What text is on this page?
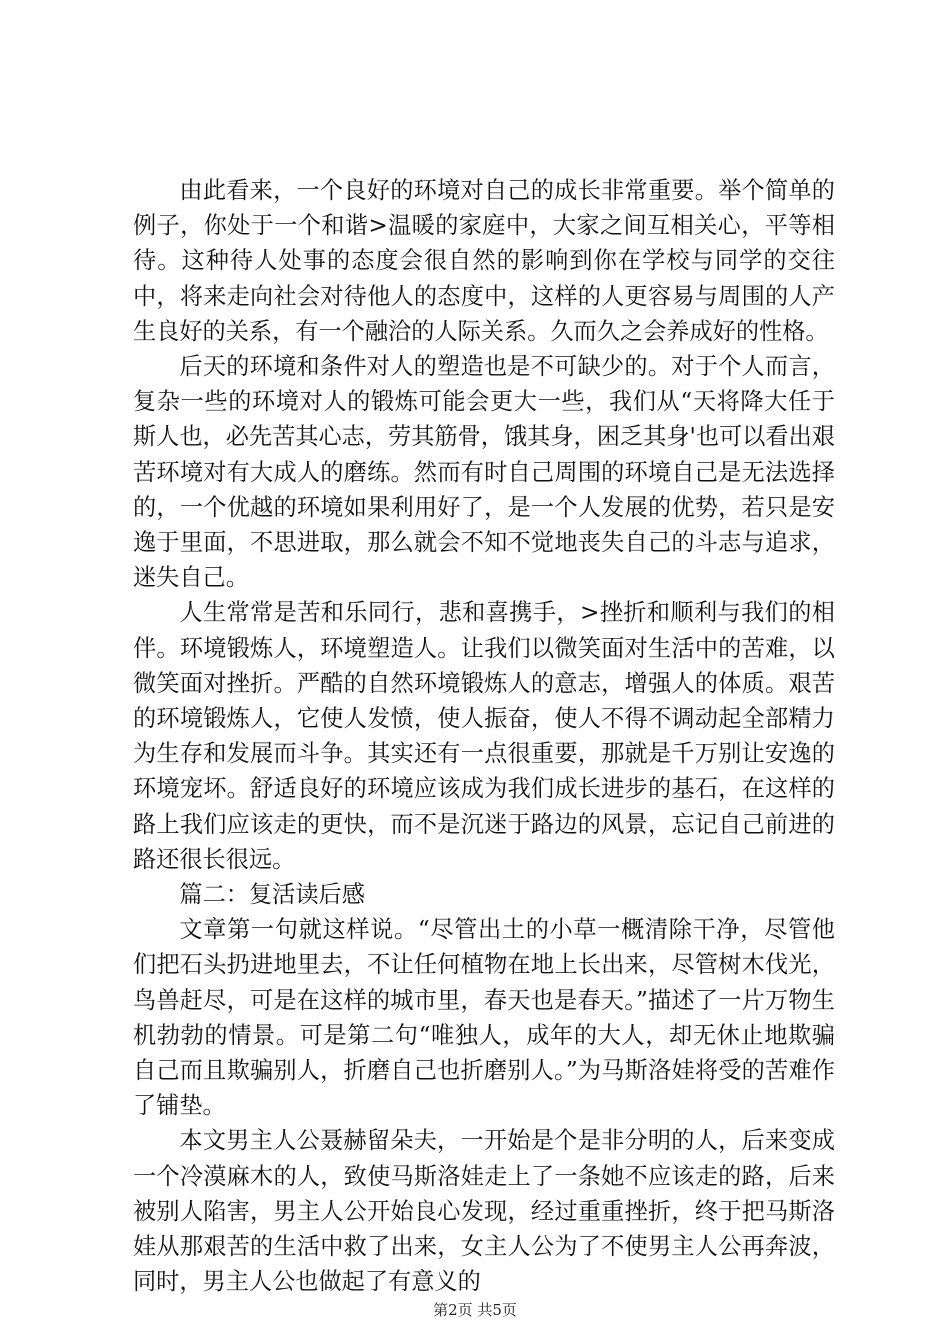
由此看来，一个良好的环境对自己的成长非常重要。举个简单的例子，你处于一个和谐>温暖的家庭中，大家之间互相关心，平等相待。这种待人处事的态度会很自然的影响到你在学校与同学的交往中，将来走向社会对待他人的态度中，这样的人更容易与周围的人产生良好的关系，有一个融洽的人际关系。久而久之会养成好的性格。

后天的环境和条件对人的塑造也是不可缺少的。对于个人而言，复杂一些的环境对人的锻炼可能会更大一些，我们从“天将降大任于斯人也，必先苦其心志，劳其筋骨，饿其身，困乏其身'也可以看出艰苦环境对有大成人的磨练。然而有时自己周围的环境自己是无法选择的，一个优越的环境如果利用好了，是一个人发展的优势，若只是安逸于里面，不思进取，那么就会不知不觉地丧失自己的斗志与追求，迷失自己。

人生常常是苦和乐同行，悲和喜携手，>挫折和顺利与我们的相伴。环境锻炼人，环境塑造人。让我们以微笑面对生活中的苦难，以微笑面对挫折。严酷的自然环境锻炼人的意志，增强人的体质。艰苦的环境锻炼人，它使人发愤，使人振奋，使人不得不调动起全部精力为生存和发展而斗争。其实还有一点很重要，那就是千万别让安逸的环境宠坏。舒适良好的环境应该成为我们成长进步的基石，在这样的路上我们应该走的更快，而不是沉迷于路边的风景，忘记自己前进的路还很长很远。

篇二：复活读后感

文章第一句就这样说。“尽管出土的小草一概清除干净，尽管他们把石头扔进地里去，不让任何植物在地上长出来，尽管树木伐光，鸟兽赶尽，可是在这样的城市里，春天也是春天。”描述了一片万物生机勃勃的情景。可是第二句“唯独人，成年的大人，却无休止地欺骗自己而且欺骗别人，折磨自己也折磨别人。”为马斯洛娃将受的苦难作了铺垫。

本文男主人公聂赫留朵夫，一开始是个是非分明的人，后来变成一个冷漠麻木的人，致使马斯洛娃走上了一条她不应该走的路，后来被别人陷害，男主人公开始良心发现，经过重重挫折，终于把马斯洛娃从那艰苦的生活中救了出来，女主人公为了不使男主人公再奔波，同时，男主人公也做起了有意义的

第2页 共5页
